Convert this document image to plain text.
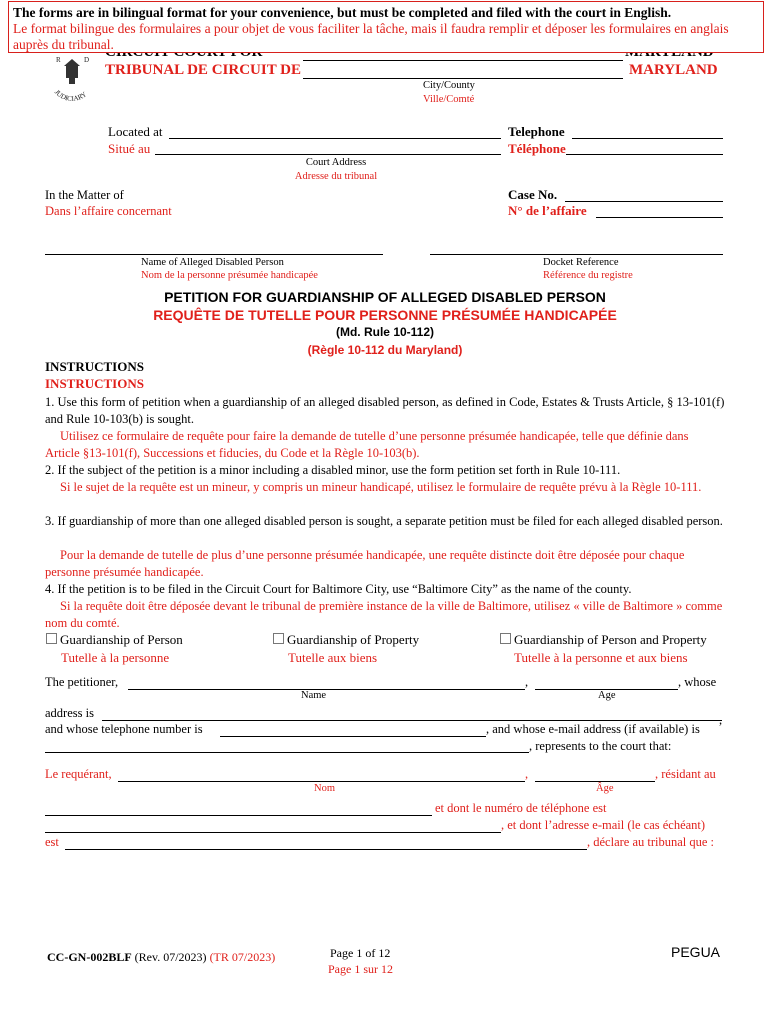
The forms are in bilingual format for your convenience, but must be completed and filed with the court in English.
Le format bilingue des formulaires a pour objet de vous faciliter la tâche, mais il faudra remplir et déposer les formulaires en anglais auprès du tribunal.
JUDICIARY
R	D
TRIBUNAL DE CIRCUIT DE	MARYLAND
City/County
Ville/Comté
Located at
Situé au
Telephone
Téléphone
Court Address
Adresse du tribunal
In the Matter of
Dans l’affaire concernant
Case No.
N° de l’affaire
Name of Alleged Disabled Person
Nom de la personne présumée handicapée
Docket Reference
Référence du registre
PETITION FOR GUARDIANSHIP OF ALLEGED DISABLED PERSON
REQUÊTE DE TUTELLE POUR PERSONNE PRÉSUMÉE HANDICAPÉE
(Md. Rule 10-112)
(Règle 10-112 du Maryland)
INSTRUCTIONS
INSTRUCTIONS
1. Use this form of petition when a guardianship of an alleged disabled person, as defined in Code, Estates & Trusts Article, § 13-101(f) and Rule 10-103(b) is sought.
Utilisez ce formulaire de requête pour faire la demande de tutelle d’une personne présumée handicapée, telle que définie dans Article §13-101(f), Successions et fiducies, du Code et la Règle 10-103(b).
2. If the subject of the petition is a minor including a disabled minor, use the form petition set forth in Rule 10-111.
Si le sujet de la requête est un mineur, y compris un mineur handicapé, utilisez le formulaire de requête prévu à la Règle 10-111.
3. If guardianship of more than one alleged disabled person is sought, a separate petition must be filed for each alleged disabled person.
Pour la demande de tutelle de plus d’une personne présumée handicapée, une requête distincte doit être déposée pour chaque personne présumée handicapée.
4. If the petition is to be filed in the Circuit Court for Baltimore City, use “Baltimore City” as the name of the county.
Si la requête doit être déposée devant le tribunal de première instance de la ville de Baltimore, utilisez « ville de Baltimore » comme nom du comté.
Guardianship of Person
Tutelle à la personne
Guardianship of Property
Tutelle aux biens
Guardianship of Person and Property
Tutelle à la personne et aux biens
The petitioner,	,	, whose
Name	Age
address is	,
and whose telephone number is	, and whose e-mail address (if available) is
, represents to the court that:
Le requérant,	,	, résidant au
Nom	Âge
et dont le numéro de téléphone est
, et dont l’adresse e-mail (le cas échéant)
est	, déclare au tribunal que :
CC-GN-002BLF (Rev. 07/2023) (TR 07/2023)	Page 1 of 12
Page 1 sur 12
PEGUA
